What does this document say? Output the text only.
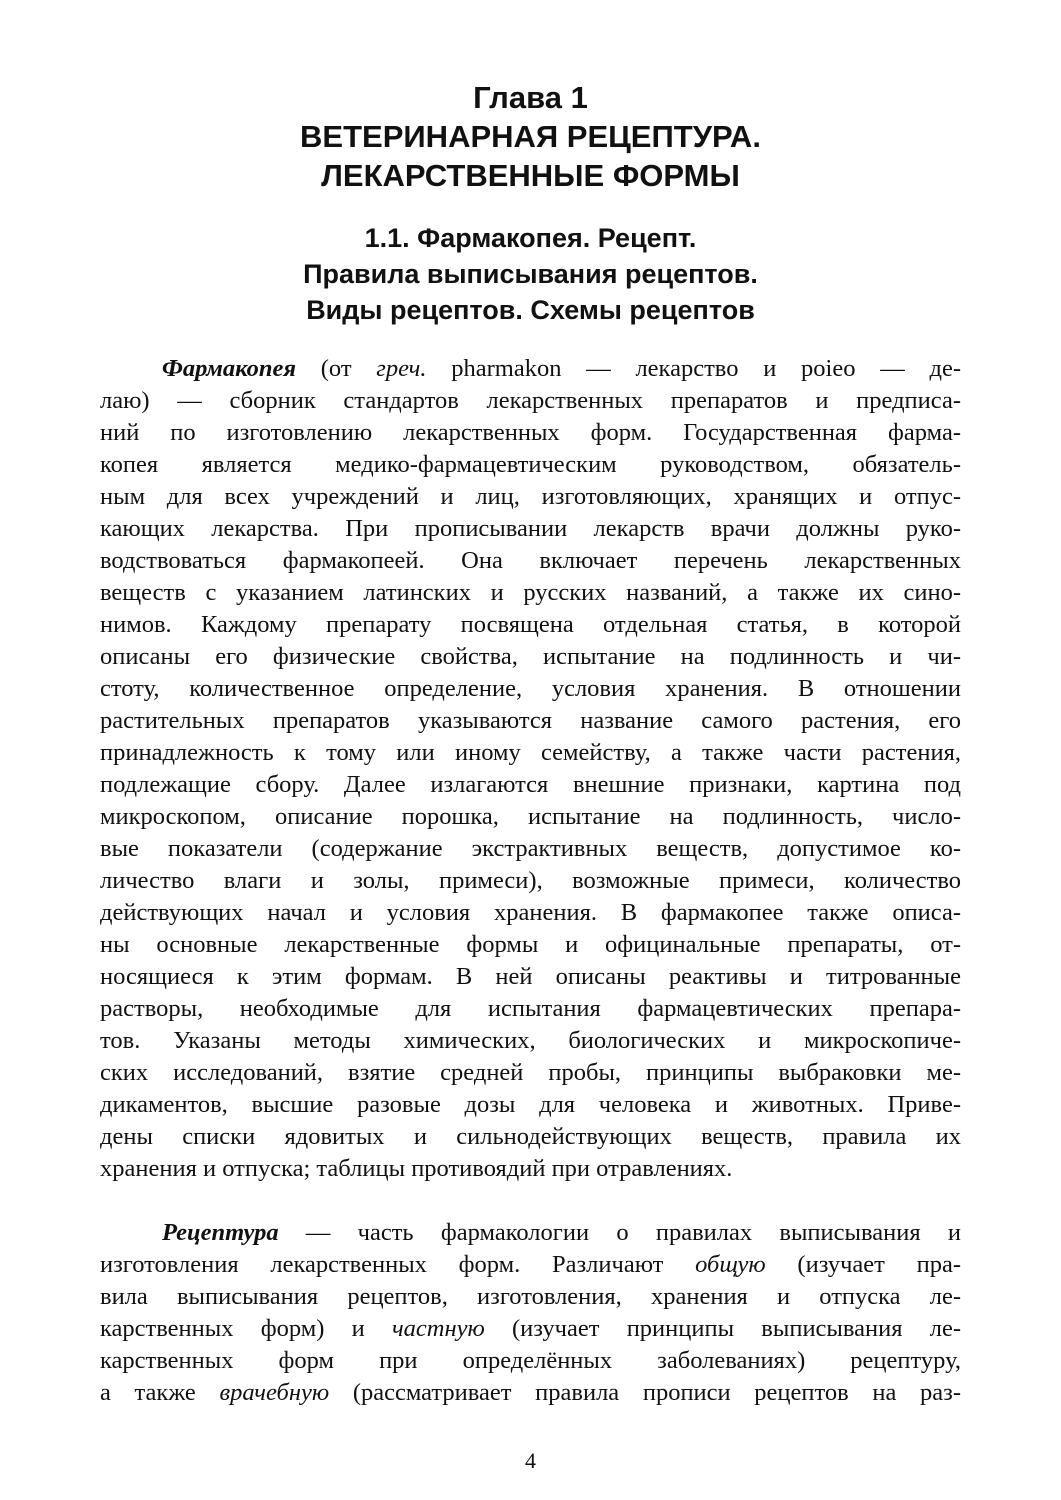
Глава 1
ВЕТЕРИНАРНАЯ РЕЦЕПТУРА.
ЛЕКАРСТВЕННЫЕ ФОРМЫ
1.1. Фармакопея. Рецепт.
Правила выписывания рецептов.
Виды рецептов. Схемы рецептов
Фармакопея (от греч. pharmakon — лекарство и poieo — де-
лаю) — сборник стандартов лекарственных препаратов и предписа-
ний по изготовлению лекарственных форм. Государственная фарма-
копея является медико-фармацевтическим руководством, обязатель-
ным для всех учреждений и лиц, изготовляющих, хранящих и отпус-
кающих лекарства. При прописывании лекарств врачи должны руко-
водствоваться фармакопеей. Она включает перечень лекарственных
веществ с указанием латинских и русских названий, а также их сино-
нимов. Каждому препарату посвящена отдельная статья, в которой
описаны его физические свойства, испытание на подлинность и чи-
стоту, количественное определение, условия хранения. В отношении
растительных препаратов указываются название самого растения, его
принадлежность к тому или иному семейству, а также части растения,
подлежащие сбору. Далее излагаются внешние признаки, картина под
микроскопом, описание порошка, испытание на подлинность, числo-
вые показатели (содержание экстрактивных веществ, допустимое ко-
личество влаги и золы, примеси), возможные примеси, количество
действующих начал и условия хранения. В фармакопее также описа-
ны основные лекарственные формы и официнальные препараты, от-
носящиеся к этим формам. В ней описаны реактивы и титрованные
растворы, необходимые для испытания фармацевтических препара-
тов. Указаны методы химических, биологических и микроскопиче-
ских исследований, взятие средней пробы, принципы выбраковки ме-
дикаментов, высшие разовые дозы для человека и животных. Приве-
дены списки ядовитых и сильнодействующих веществ, правила их
хранения и отпуска; таблицы противоядий при отравлениях.
Рецептура — часть фармакологии о правилах выписывания и
изготовления лекарственных форм. Различают общую (изучает пра-
вила выписывания рецептов, изготовления, хранения и отпуска ле-
карственных форм) и частную (изучает принципы выписывания ле-
карственных форм при определённых заболеваниях) рецептуру,
а также врачебную (рассматривает правила прописи рецептов на раз-
4
